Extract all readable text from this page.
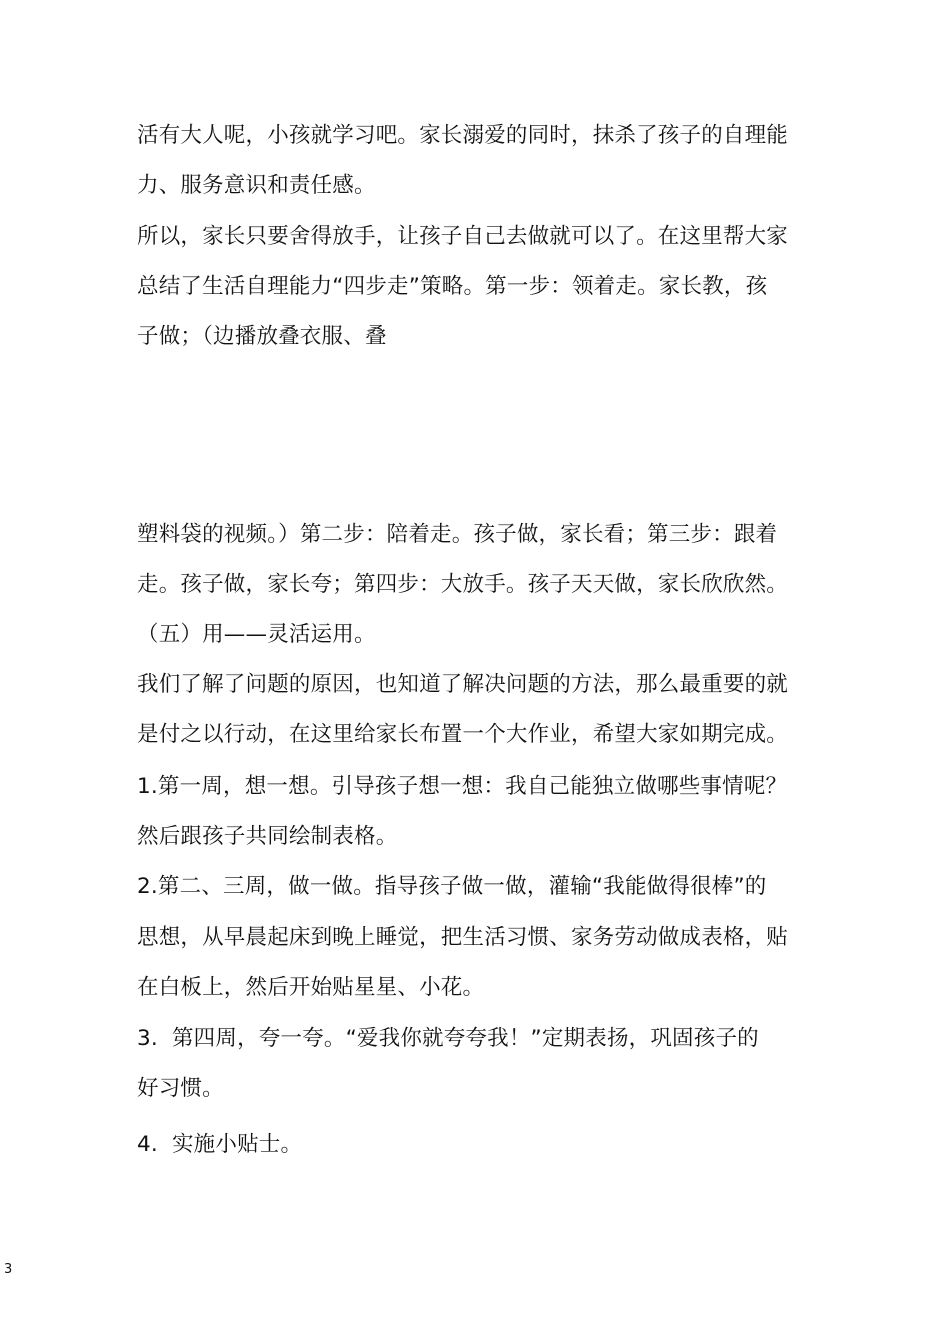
活有大人呢，小孩就学习吧。家长溺爱的同时，抹杀了孩子的自理能
力、服务意识和责任感。
所以，家长只要舍得放手，让孩子自己去做就可以了。在这里帮大家
总结了生活自理能力“四步走”策略。第一步：领着走。家长教，孩
子做；（边播放叠衣服、叠
塑料袋的视频。）第二步：陪着走。孩子做，家长看；第三步：跟着
走。孩子做，家长夸；第四步：大放手。孩子天天做，家长欣欣然。
（五）用——灵活运用。
我们了解了问题的原因，也知道了解决问题的方法，那么最重要的就
是付之以行动，在这里给家长布置一个大作业，希望大家如期完成。
1.第一周，想一想。引导孩子想一想：我自己能独立做哪些事情呢？
然后跟孩子共同绘制表格。
2.第二、三周，做一做。指导孩子做一做，灌输“我能做得很棒”的
思想，从早晨起床到晚上睡觉，把生活习惯、家务劳动做成表格，贴
在白板上，然后开始贴星星、小花。
3.  第四周，夸一夸。“爱我你就夸夸我！”定期表扬，巩固孩子的
好习惯。
4.  实施小贴士。
3
